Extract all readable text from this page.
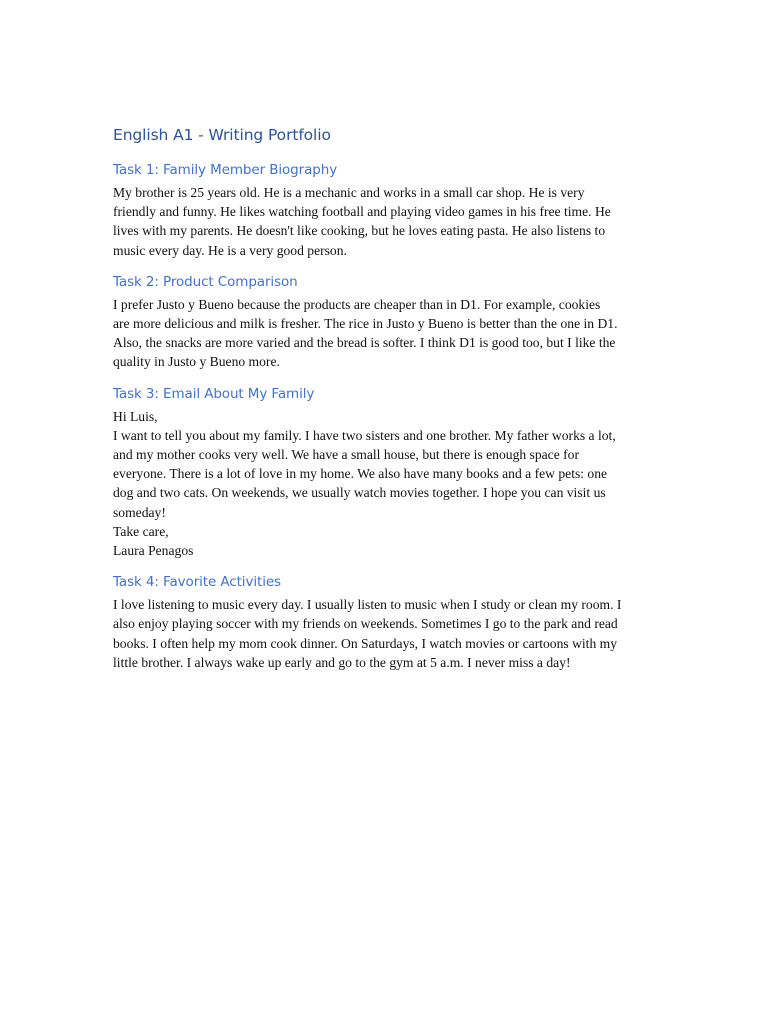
English A1 - Writing Portfolio
Task 1: Family Member Biography
My brother is 25 years old. He is a mechanic and works in a small car shop. He is very
friendly and funny. He likes watching football and playing video games in his free time. He
lives with my parents. He doesn't like cooking, but he loves eating pasta. He also listens to
music every day. He is a very good person.
Task 2: Product Comparison
I prefer Justo y Bueno because the products are cheaper than in D1. For example, cookies
are more delicious and milk is fresher. The rice in Justo y Bueno is better than the one in D1.
Also, the snacks are more varied and the bread is softer. I think D1 is good too, but I like the
quality in Justo y Bueno more.
Task 3: Email About My Family
Hi Luis,
I want to tell you about my family. I have two sisters and one brother. My father works a lot,
and my mother cooks very well. We have a small house, but there is enough space for
everyone. There is a lot of love in my home. We also have many books and a few pets: one
dog and two cats. On weekends, we usually watch movies together. I hope you can visit us
someday!
Take care,
Laura Penagos
Task 4: Favorite Activities
I love listening to music every day. I usually listen to music when I study or clean my room. I
also enjoy playing soccer with my friends on weekends. Sometimes I go to the park and read
books. I often help my mom cook dinner. On Saturdays, I watch movies or cartoons with my
little brother. I always wake up early and go to the gym at 5 a.m. I never miss a day!
